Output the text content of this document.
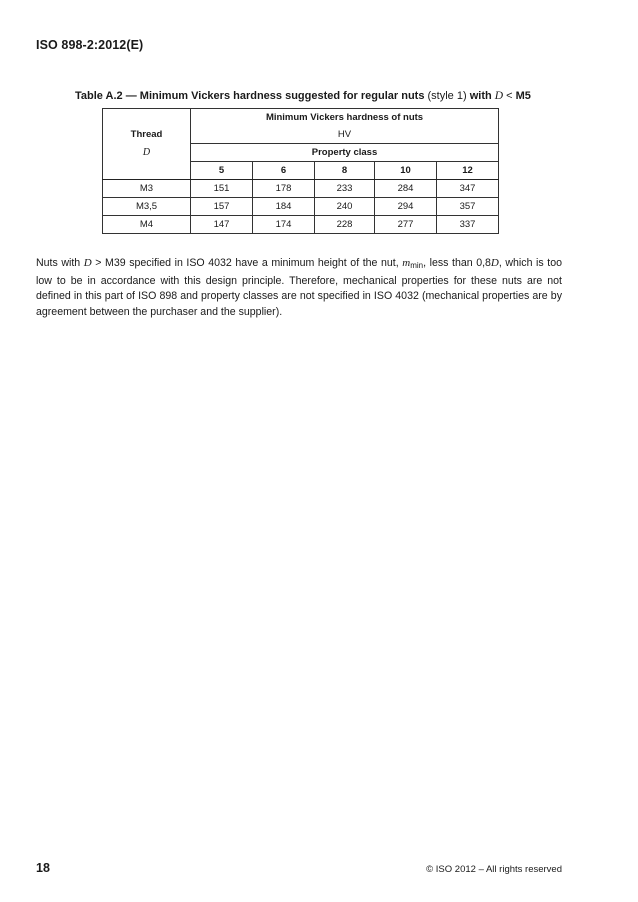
ISO 898-2:2012(E)
Table A.2 — Minimum Vickers hardness suggested for regular nuts (style 1) with D < M5
	Minimum Vickers hardness of nuts				
Thread	HV				
D	Property class				
	5	6	8	10	12
M3	151	178	233	284	347
M3,5	157	184	240	294	357
M4	147	174	228	277	337
Nuts with D > M39 specified in ISO 4032 have a minimum height of the nut, $m_{min}$, less than 0,8D, which is too low to be in accordance with this design principle. Therefore, mechanical properties for these nuts are not defined in this part of ISO 898 and property classes are not specified in ISO 4032 (mechanical properties are by agreement between the purchaser and the supplier).
18	© ISO 2012 – All rights reserved
